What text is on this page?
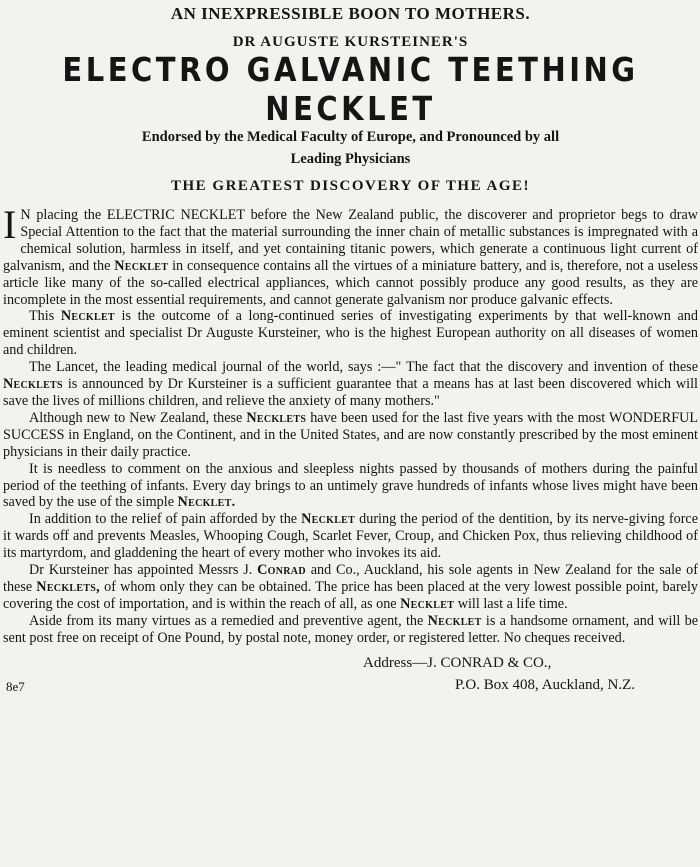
AN INEXPRESSIBLE BOON TO MOTHERS.
DR AUGUSTE KURSTEINER'S
ELECTRO GALVANIC TEETHING NECKLET
Endorsed by the Medical Faculty of Europe, and Pronounced by all
Leading Physicians
THE GREATEST DISCOVERY OF THE AGE!

I N placing the ELECTRIC NECKLET before the New Zealand public, the discoverer and proprietor begs to draw Special Attention to the fact that the material surrounding the inner chain of metallic substances is impregnated with a chemical solution, harmless in itself, and yet containing titanic powers, which generate a continuous light current of galvanism, and the Necklet in consequence contains all the virtues of a miniature battery, and is, therefore, not a useless article like many of the so-called electrical appliances, which cannot possibly produce any good results, as they are incomplete in the most essential requirements, and cannot generate galvanism nor produce galvanic effects.

This Necklet is the outcome of a long-continued series of investigating experiments by that well-known and eminent scientist and specialist Dr Auguste Kursteiner, who is the highest European authority on all diseases of women and children.

The Lancet, the leading medical journal of the world, says :—" The fact that the discovery and invention of these Necklets is announced by Dr Kursteiner is a sufficient guarantee that a means has at last been discovered which will save the lives of millions children, and relieve the anxiety of many mothers."

Although new to New Zealand, these Necklets have been used for the last five years with the most WONDERFUL SUCCESS in England, on the Continent, and in the United States, and are now constantly prescribed by the most eminent physicians in their daily practice.

It is needless to comment on the anxious and sleepless nights passed by thousands of mothers during the painful period of the teething of infants. Every day brings to an untimely grave hundreds of infants whose lives might have been saved by the use of the simple Necklet.

In addition to the relief of pain afforded by the Necklet during the period of the dentition, by its nerve-giving force it wards off and prevents Measles, Whooping Cough, Scarlet Fever, Croup, and Chicken Pox, thus relieving childhood of its martyrdom, and gladdening the heart of every mother who invokes its aid.

Dr Kursteiner has appointed Messrs J. Conrad and Co., Auckland, his sole agents in New Zealand for the sale of these Necklets, of whom only they can be obtained. The price has been placed at the very lowest possible point, barely covering the cost of importation, and is within the reach of all, as one Necklet will last a life time.

Aside from its many virtues as a remedied and preventive agent, the Necklet is a handsome ornament, and will be sent post free on receipt of One Pound, by postal note, money order, or registered letter. No cheques received.

Address—J. CONRAD & CO.,
P.O. Box 408, Auckland, N.Z.
8e7
